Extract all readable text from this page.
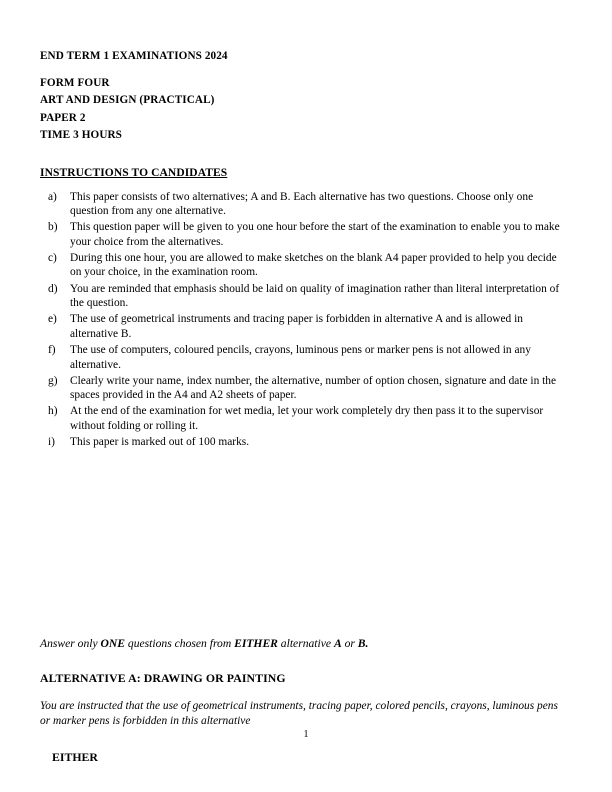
END TERM 1 EXAMINATIONS 2024
FORM FOUR
ART AND DESIGN (PRACTICAL)
PAPER 2
TIME 3 HOURS
INSTRUCTIONS TO CANDIDATES
a)	This paper consists of two alternatives; A and B. Each alternative has two questions. Choose only one question from any one alternative.
b)	This question paper will be given to you one hour before the start of the examination to enable you to make your choice from the alternatives.
c)	During this one hour, you are allowed to make sketches on the blank A4 paper provided to help you decide on your choice, in the examination room.
d)	You are reminded that emphasis should be laid on quality of imagination rather than literal interpretation of the question.
e)	The use of geometrical instruments and tracing paper is forbidden in alternative A and is allowed in alternative B.
f)	The use of computers, coloured pencils, crayons, luminous pens or marker pens is not allowed in any alternative.
g)	Clearly write your name, index number, the alternative, number of option chosen, signature and date in the spaces provided in the A4 and A2 sheets of paper.
h)	At the end of the examination for wet media, let your work completely dry then pass it to the supervisor without folding or rolling it.
i)	This paper is marked out of 100 marks.
Answer only ONE questions chosen from EITHER alternative A or B.
ALTERNATIVE A: DRAWING OR PAINTING
You are instructed that the use of geometrical instruments, tracing paper, colored pencils, crayons, luminous pens or marker pens is forbidden in this alternative
EITHER
1
